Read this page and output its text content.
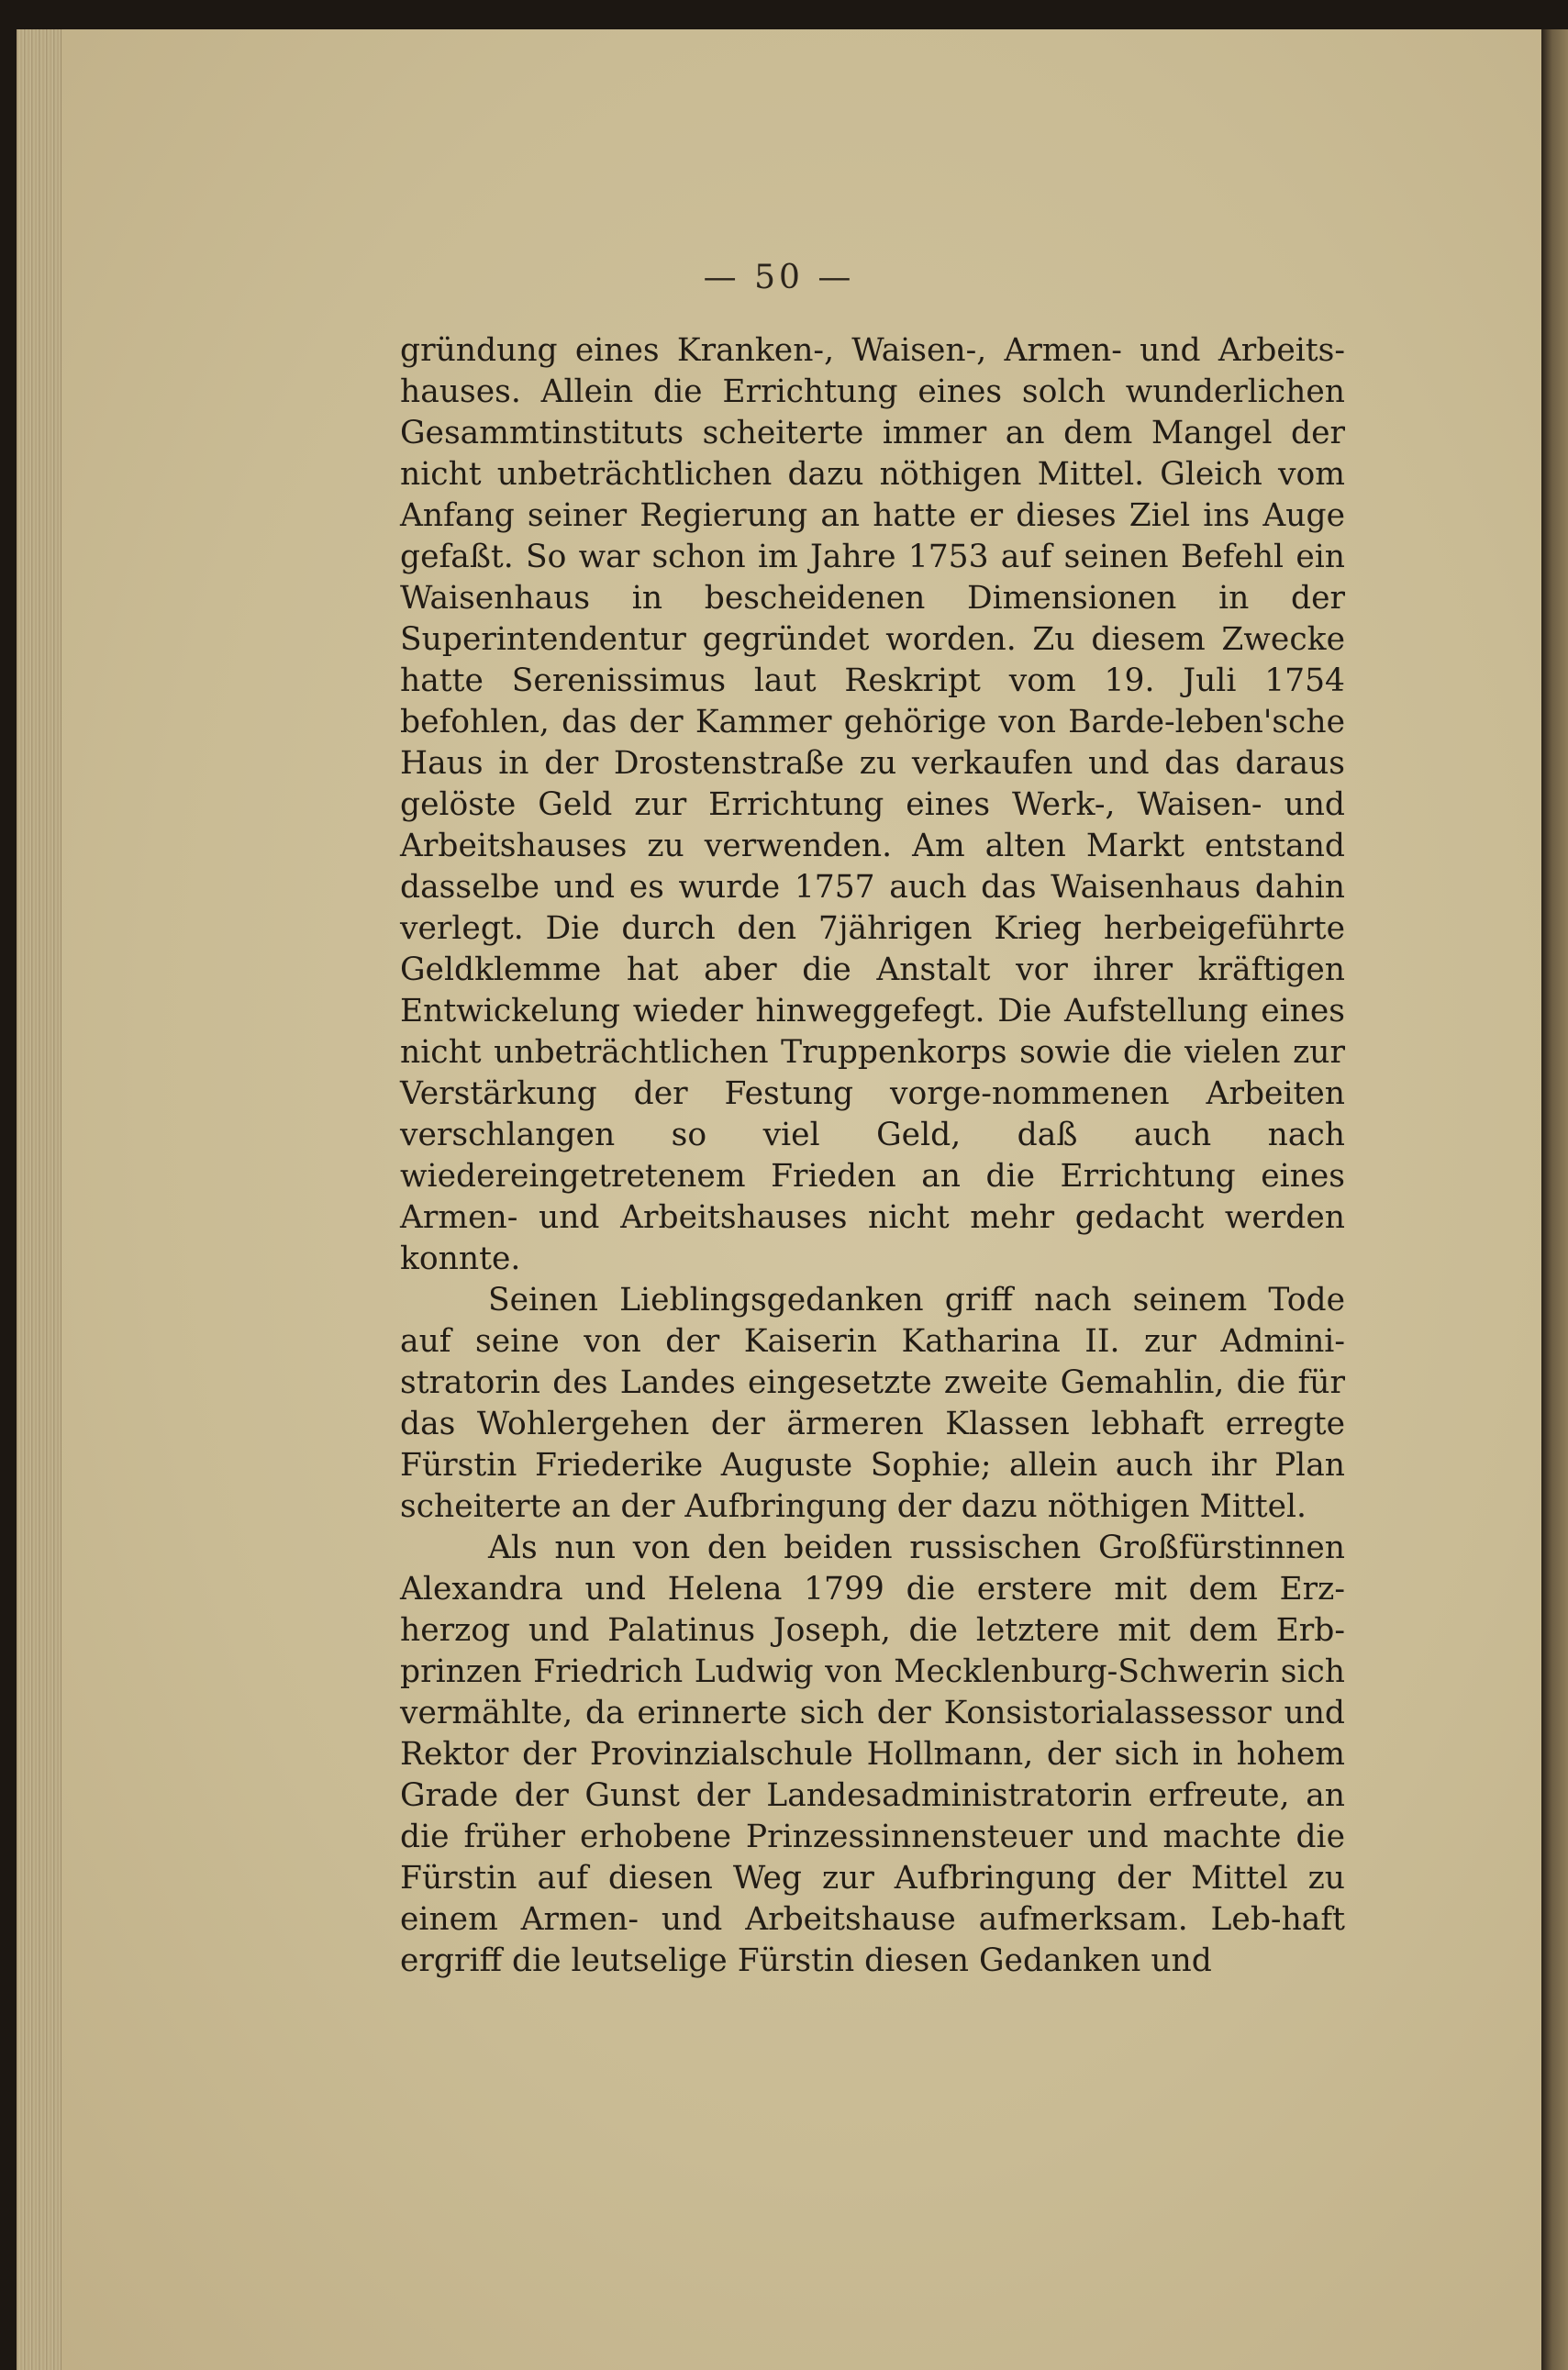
— 50 —

gründung eines Kranken-, Waisen-, Armen- und Arbeits-hauses. Allein die Errichtung eines solch wunderlichen Gesammtinstituts scheiterte immer an dem Mangel der nicht unbeträchtlichen dazu nöthigen Mittel. Gleich vom Anfang seiner Regierung an hatte er dieses Ziel ins Auge gefaßt. So war schon im Jahre 1753 auf seinen Befehl ein Waisenhaus in bescheidenen Dimensionen in der Superintendentur gegründet worden. Zu diesem Zwecke hatte Serenissimus laut Reskript vom 19. Juli 1754 befohlen, das der Kammer gehörige von Barde-leben'sche Haus in der Drostenstraße zu verkaufen und das daraus gelöste Geld zur Errichtung eines Werk-, Waisen- und Arbeitshauses zu verwenden. Am alten Markt entstand dasselbe und es wurde 1757 auch das Waisenhaus dahin verlegt. Die durch den 7jährigen Krieg herbeigeführte Geldklemme hat aber die Anstalt vor ihrer kräftigen Entwickelung wieder hinweggefegt. Die Aufstellung eines nicht unbeträchtlichen Truppenkorps sowie die vielen zur Verstärkung der Festung vorge-nommenen Arbeiten verschlangen so viel Geld, daß auch nach wiedereingetretenem Frieden an die Errichtung eines Armen- und Arbeitshauses nicht mehr gedacht werden konnte.

Seinen Lieblingsgedanken griff nach seinem Tode auf seine von der Kaiserin Katharina II. zur Admini-stratorin des Landes eingesetzte zweite Gemahlin, die für das Wohlergehen der ärmeren Klassen lebhaft erregte Fürstin Friederike Auguste Sophie; allein auch ihr Plan scheiterte an der Aufbringung der dazu nöthigen Mittel.

Als nun von den beiden russischen Großfürstinnen Alexandra und Helena 1799 die erstere mit dem Erz-herzog und Palatinus Joseph, die letztere mit dem Erb-prinzen Friedrich Ludwig von Mecklenburg-Schwerin sich vermählte, da erinnerte sich der Konsistorialassessor und Rektor der Provinzialschule Hollmann, der sich in hohem Grade der Gunst der Landesadministratorin erfreute, an die früher erhobene Prinzessinnensteuer und machte die Fürstin auf diesen Weg zur Aufbringung der Mittel zu einem Armen- und Arbeitshause aufmerksam. Leb-haft ergriff die leutselige Fürstin diesen Gedanken und
